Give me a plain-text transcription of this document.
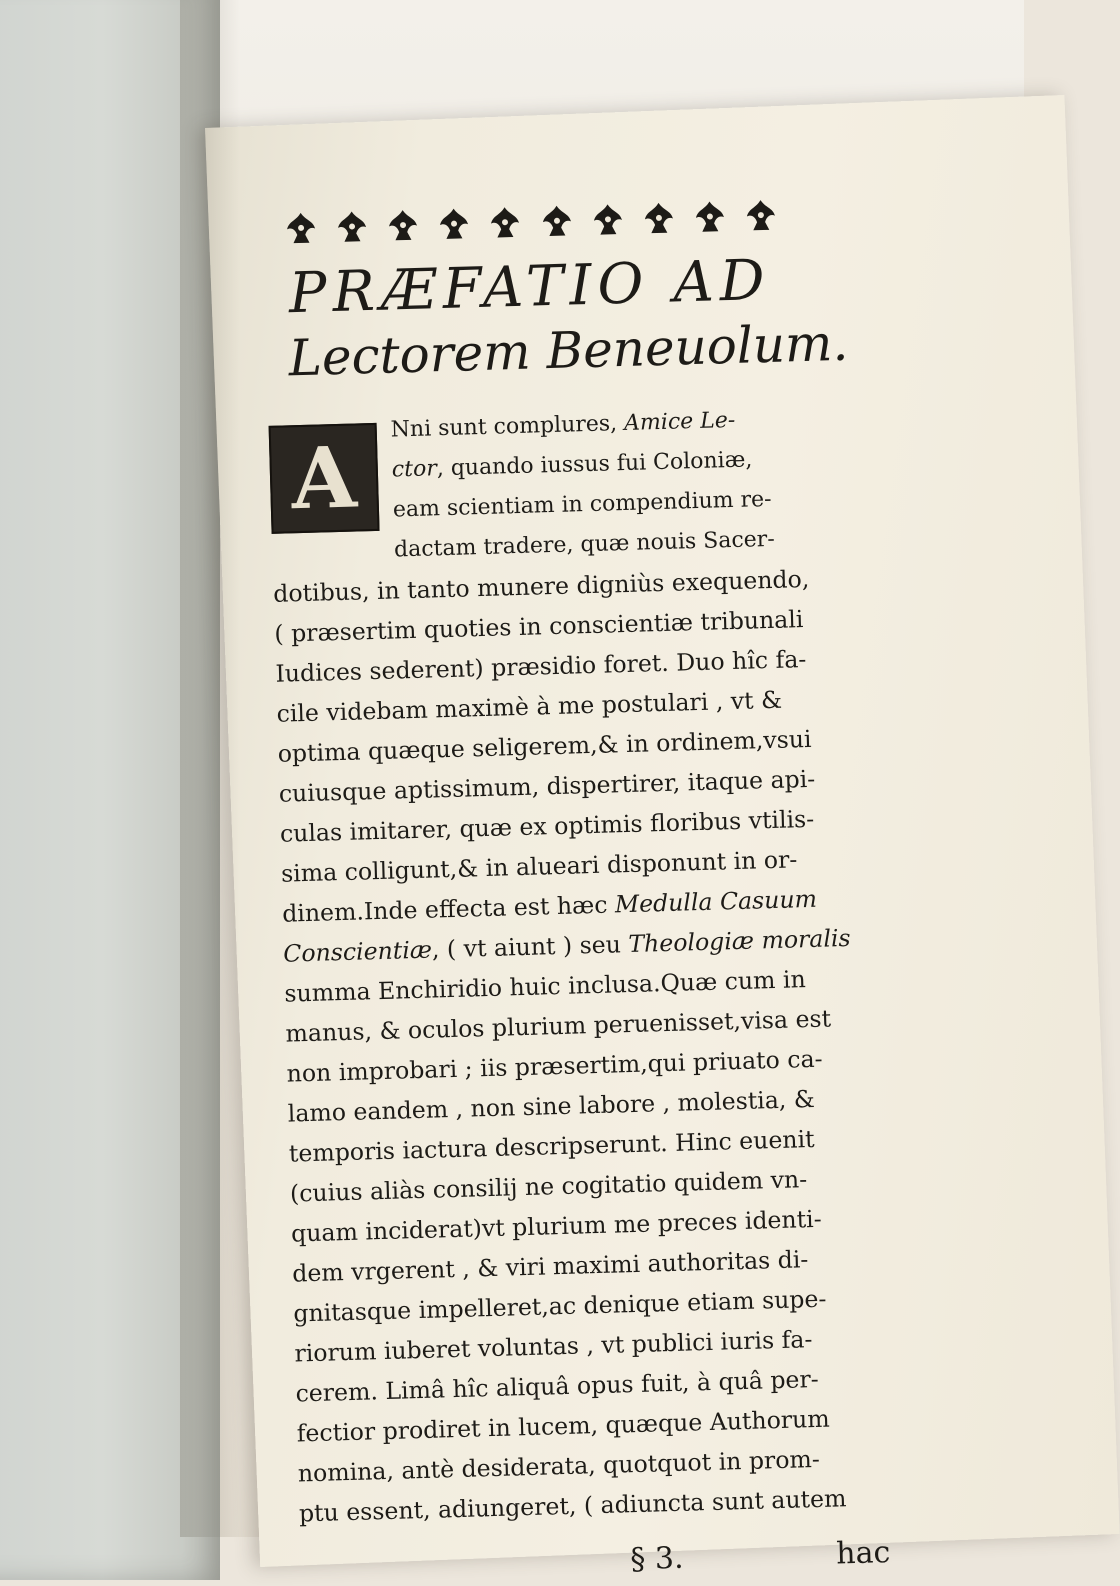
PRÆFATIO AD
Lectorem Beneuolum.
A
Nni sunt complures, Amice Le-
ctor, quando iussus fui Coloniæ,
eam scientiam in compendium re-
dactam tradere, quæ nouis Sacer-
dotibus, in tanto munere digniùs exequendo,
( præsertim quoties in conscientiæ tribunali
Iudices sederent) præsidio foret. Duo hîc fa-
cile videbam maximè à me postulari , vt &
optima quæque seligerem,& in ordinem,vsui
cuiusque aptissimum, dispertirer, itaque api-
culas imitarer, quæ ex optimis floribus vtilis-
sima colligunt,& in alueari disponunt in or-
dinem.Inde effecta est hæc Medulla Casuum
Conscientiæ, ( vt aiunt ) seu Theologiæ moralis
summa Enchiridio huic inclusa.Quæ cum in
manus, & oculos plurium peruenisset,visa est
non improbari ; iis præsertim,qui priuato ca-
lamo eandem , non sine labore , molestia, &
temporis iactura descripserunt. Hinc euenit
(cuius aliàs consilij ne cogitatio quidem vn-
quam inciderat)vt plurium me preces identi-
dem vrgerent , & viri maximi authoritas di-
gnitasque impelleret,ac denique etiam supe-
riorum iuberet voluntas , vt publici iuris fa-
cerem. Limâ hîc aliquâ opus fuit, à quâ per-
fectior prodiret in lucem, quæque Authorum
nomina, antè desiderata, quotquot in prom-
ptu essent, adiungeret, ( adiuncta sunt autem
§ 3.	hac
